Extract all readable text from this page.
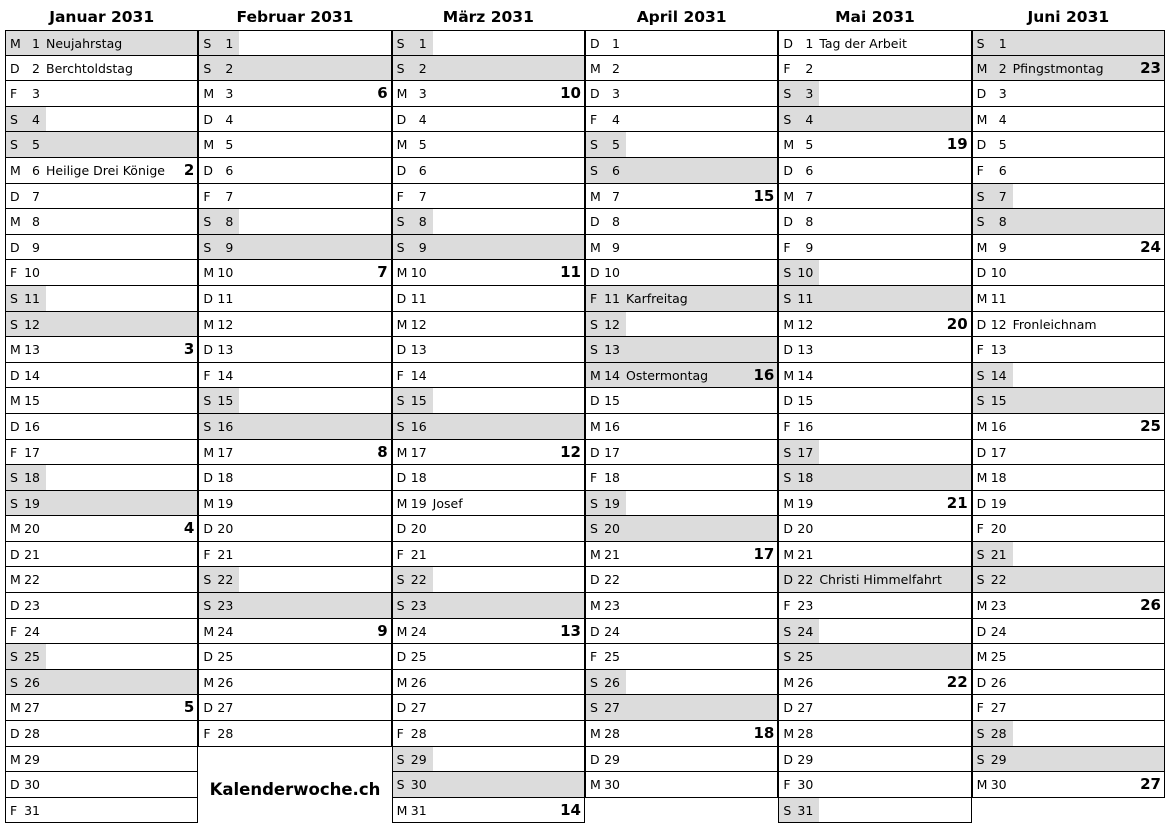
Januar 2031
M 1 Neujahrstag
D 2 Berchtoldstag
F	3
S	4
S	5
M 6 Heilige Drei Könige 2
D 7
M 8
D 9
F 10
S 11
S 12
M 13	3
D 14
M 15
D 16
F 17
S 18
S 19
M 20	4
D 21
M 22
D 23
F 24
S 25
S 26
M 27	5
D 28
M 29
D 30
F 31
Februar 2031
S	1
S	2
M 3	6
D 4
M 5
D 6
F	7
S	8
S	9
M 10	7
D 11
M 12
D 13
F 14
S 15
S 16
M 17	8
D 18
M 19
D 20
F 21
S 22
S 23
M 24	9
D 25
M 26
D 27
F 28
März 2031
S	1
S	2
M 3	10
D 4
M 5
D 6
F	7
S	8
S	9
M 10	11
D 11
M 12
D 13
F 14
S 15
S 16
M 17	12
D 18
M 19 Josef
D 20
F 21
S 22
S 23
M 24	13
D 25
M 26
D 27
F 28
S 29
S 30
M 31	14
April 2031
D 1
M 2
D 3
F	4
S	5
S	6
M 7	15
D 8
M 9
D 10
F 11 Karfreitag
S 12
S 13
M 14 Ostermontag	16
D 15
M 16
D 17
F 18
S 19
S 20
M 21	17
D 22
M 23
D 24
F 25
S 26
S 27
M 28	18
D 29
M 30
Mai 2031
D 1 Tag der Arbeit
F	2
S	3
S	4
M 5	19
D 6
M 7
D 8
F	9
S 10
S 11
M 12	20
D 13
M 14
D 15
F 16
S 17
S 18
M 19	21
D 20
M 21
D 22 Christi Himmelfahrt
F 23
S 24
S 25
M 26	22
D 27
M 28
D 29
F 30
S 31
Juni 2031
S	1
M 2 Pfingstmontag 23
D 3
M 4
D 5
F	6
S	7
S	8
M 9	24
D 10
M 11
D 12 Fronleichnam
F 13
S 14
S 15
M 16	25
D 17
M 18
D 19
F 20
S 21
S 22
M 23	26
D 24
M 25
D 26
F 27
S 28
S 29
M 30	27
Kalenderwoche.ch
